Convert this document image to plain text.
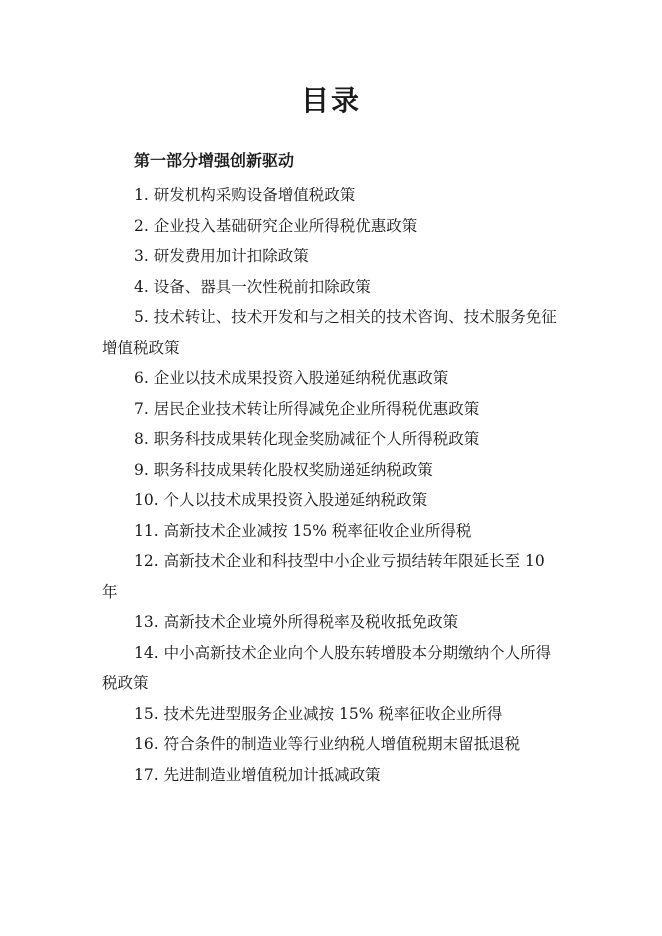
目录
第一部分增强创新驱动
1. 研发机构采购设备增值税政策
2. 企业投入基础研究企业所得税优惠政策
3. 研发费用加计扣除政策
4. 设备、器具一次性税前扣除政策
5. 技术转让、技术开发和与之相关的技术咨询、技术服务免征增值税政策
6. 企业以技术成果投资入股递延纳税优惠政策
7. 居民企业技术转让所得减免企业所得税优惠政策
8. 职务科技成果转化现金奖励减征个人所得税政策
9. 职务科技成果转化股权奖励递延纳税政策
10. 个人以技术成果投资入股递延纳税政策
11. 高新技术企业减按 15% 税率征收企业所得税
12. 高新技术企业和科技型中小企业亏损结转年限延长至 10 年
13. 高新技术企业境外所得税率及税收抵免政策
14. 中小高新技术企业向个人股东转增股本分期缴纳个人所得税政策
15. 技术先进型服务企业减按 15% 税率征收企业所得
16. 符合条件的制造业等行业纳税人增值税期末留抵退税
17. 先进制造业增值税加计抵减政策
